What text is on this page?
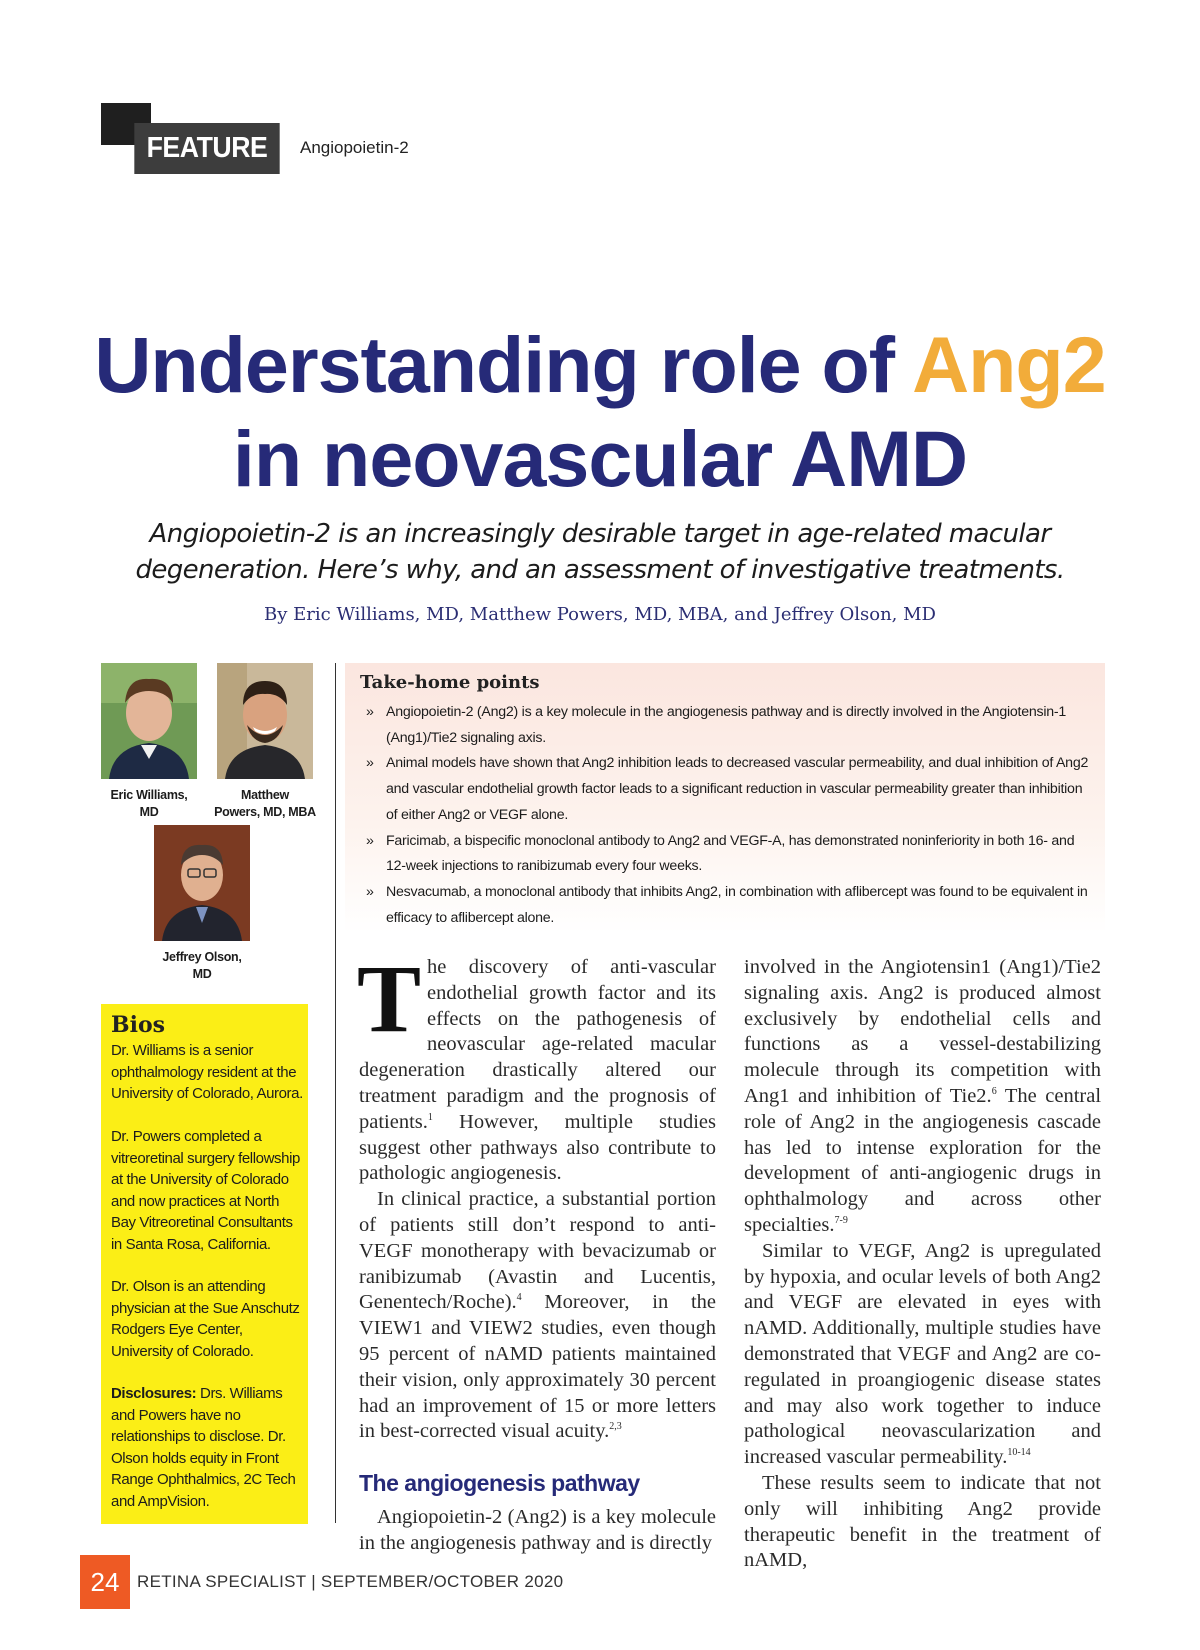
FEATURE	Angiopoietin-2
Understanding role of Ang2
in neovascular AMD
Angiopoietin-2 is an increasingly desirable target in age-related macular degeneration. Here’s why, and an assessment of investigative treatments.
By Eric Williams, MD, Matthew Powers, MD, MBA, and Jeffrey Olson, MD
Eric Williams,
MD
Matthew
Powers, MD, MBA
Jeffrey Olson,
MD
Bios
Dr. Williams is a senior ophthalmology resident at the University of Colorado, Aurora.
Dr. Powers completed a vitreoretinal surgery fellowship at the University of Colorado and now practices at North Bay Vitreoretinal Consultants in Santa Rosa, California.
Dr. Olson is an attending physician at the Sue Anschutz Rodgers Eye Center, University of Colorado.
Disclosures: Drs. Williams and Powers have no relationships to disclose. Dr. Olson holds equity in Front Range Ophthalmics, 2C Tech and AmpVision.
Take-home points
» Angiopoietin-2 (Ang2) is a key molecule in the angiogenesis pathway and is directly involved in the Angiotensin-1 (Ang1)/Tie2 signaling axis.
» Animal models have shown that Ang2 inhibition leads to decreased vascular permeability, and dual inhibition of Ang2 and vascular endothelial growth factor leads to a significant reduction in vascular permeability greater than inhibition of either Ang2 or VEGF alone.
» Faricimab, a bispecific monoclonal antibody to Ang2 and VEGF-A, has demonstrated noninferiority in both 16- and 12-week injections to ranibizumab every four weeks.
» Nesvacumab, a monoclonal antibody that inhibits Ang2, in combination with aflibercept was found to be equivalent in efficacy to aflibercept alone.

The discovery of anti-vascular endothelial growth factor and its effects on the pathogenesis of neovascular age-related macular degeneration drastically altered our treatment paradigm and the prognosis of patients.$^1$ However, multiple studies suggest other pathways also contribute to pathologic angiogenesis.

In clinical practice, a substantial portion of patients still don’t respond to anti-VEGF monotherapy with bevacizumab or ranibizumab (Avastin and Lucentis, Genentech/Roche).$^4$ Moreover, in the VIEW1 and VIEW2 studies, even though 95 percent of nAMD patients maintained their vision, only approximately 30 percent had an improvement of 15 or more letters in best-corrected visual acuity.$^{2,3}$

The angiogenesis pathway

Angiopoietin-2 (Ang2) is a key molecule in the angiogenesis pathway and is directly

involved in the Angiotensin1 (Ang1)/Tie2 signaling axis. Ang2 is produced almost exclusively by endothelial cells and functions as a vessel-destabilizing molecule through its competition with Ang1 and inhibition of Tie2.$^6$ The central role of Ang2 in the angiogenesis cascade has led to intense exploration for the development of anti-angiogenic drugs in ophthalmology and across other specialties.$^{7-9}$

Similar to VEGF, Ang2 is upregulated by hypoxia, and ocular levels of both Ang2 and VEGF are elevated in eyes with nAMD. Additionally, multiple studies have demonstrated that VEGF and Ang2 are co-regulated in proangiogenic disease states and may also work together to induce pathological neovascularization and increased vascular permeability.$^{10-14}$

These results seem to indicate that not only will inhibiting Ang2 provide therapeutic benefit in the treatment of nAMD,

24	RETINA SPECIALIST | SEPTEMBER/OCTOBER 2020
